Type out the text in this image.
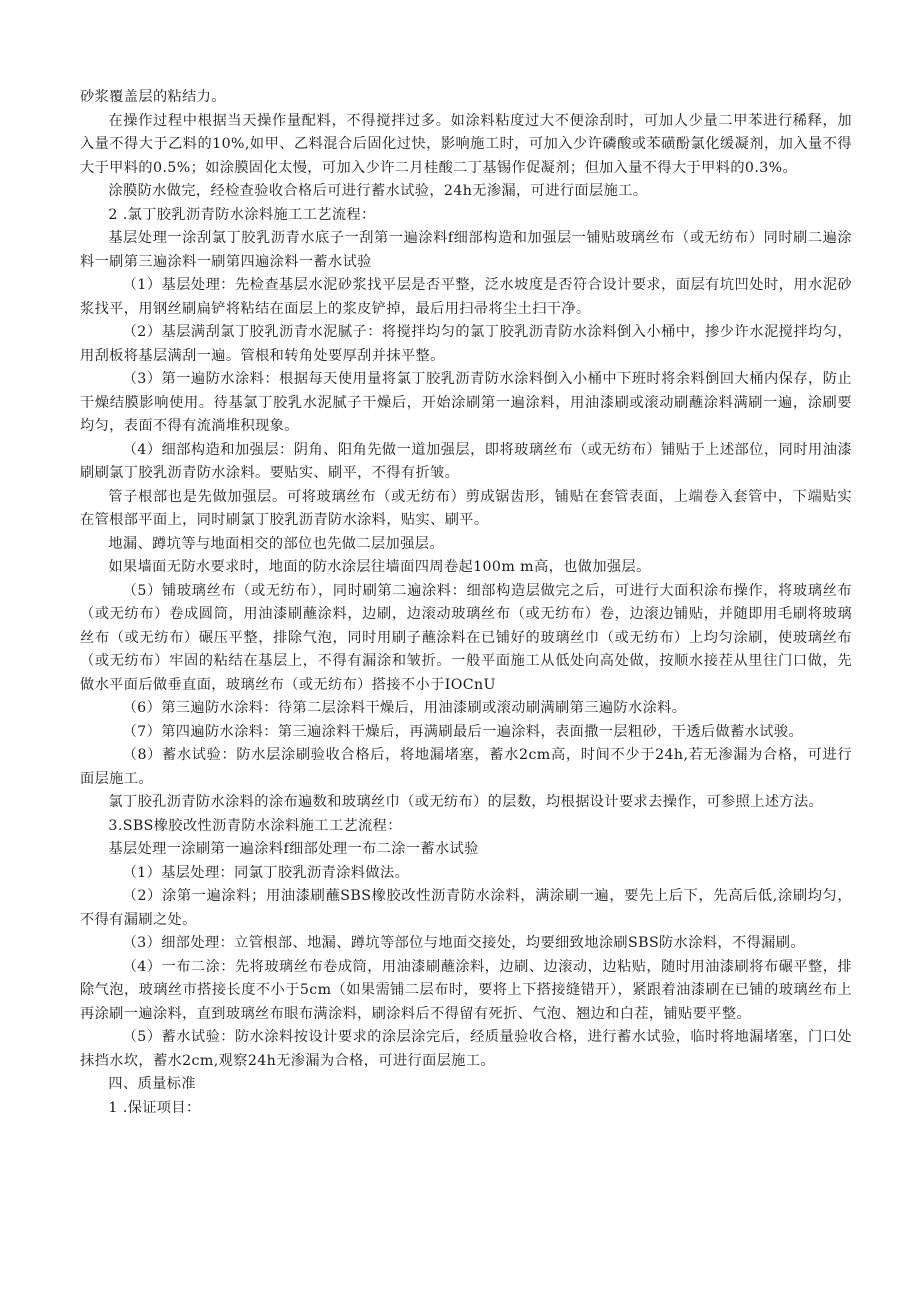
砂浆覆盖层的粘结力。

在操作过程中根据当天操作量配料，不得搅拌过多。如涂料粘度过大不便涂刮时，可加人少量二甲苯进行稀释，加入量不得大于乙料的10%,如甲、乙料混合后固化过快，影响施工时，可加入少许磷酸或苯磺酚氯化缓凝剂，加入量不得大于甲料的0.5%；如涂膜固化太慢，可加入少许二月桂酸二丁基锡作促凝剂；但加入量不得大于甲料的0.3%。

涂膜防水做完，经检查验收合格后可进行蓄水试验，24h无渗漏，可进行面层施工。

2 .氯丁胶乳沥青防水涂料施工工艺流程：

基层处理一涂刮氯丁胶乳沥青水底子一刮第一遍涂料f细部构造和加强层一铺贴玻璃丝布（或无纺布）同时刷二遍涂料一刷第三遍涂料一刷第四遍涂料一蓄水试验

（1）基层处理：先检查基层水泥砂浆找平层是否平整，泛水坡度是否符合设计要求，面层有坑凹处时，用水泥砂浆找平，用钢丝刷扁铲将粘结在面层上的浆皮铲掉，最后用扫帚将尘土扫干净。

（2）基层满刮氯丁胶乳沥青水泥腻子：将搅拌均匀的氯丁胶乳沥青防水涂料倒入小桶中，掺少许水泥搅拌均匀，用刮板将基层满刮一遍。管根和转角处要厚刮并抹平整。

（3）第一遍防水涂料：根据每天使用量将氯丁胶乳沥青防水涂料倒入小桶中下班时将余料倒回大桶内保存，防止干燥结膜影响使用。待基氯丁胶乳水泥腻子干燥后，开始涂刷第一遍涂料，用油漆刷或滚动刷蘸涂料满刷一遍，涂刷要均匀，表面不得有流淌堆积现象。

（4）细部构造和加强层：阴角、阳角先做一道加强层，即将玻璃丝布（或无纺布）铺贴于上述部位，同时用油漆刷刷氯丁胶乳沥青防水涂料。要贴实、刷平，不得有折皱。

管子根部也是先做加强层。可将玻璃丝布（或无纺布）剪成锯齿形，铺贴在套管表面，上端卷入套管中，下端贴实在管根部平面上，同时刷氯丁胶乳沥青防水涂料，贴实、刷平。

地漏、蹲坑等与地面相交的部位也先做二层加强层。

如果墙面无防水要求时，地面的防水涂层往墙面四周卷起100m m高，也做加强层。

（5）铺玻璃丝布（或无纺布），同时刷第二遍涂料：细部构造层做完之后，可进行大面积涂布操作，将玻璃丝布（或无纺布）卷成圆筒，用油漆刷蘸涂料，边刷，边滚动玻璃丝布（或无纺布）卷，边滚边铺贴，并随即用毛刷将玻璃丝布（或无纺布）碾压平整，排除气泡，同时用刷子蘸涂料在已铺好的玻璃丝巾（或无纺布）上均匀涂刷，使玻璃丝布（或无纺布）牢固的粘结在基层上，不得有漏涂和皱折。一般平面施工从低处向高处做，按顺水接茬从里往门口做，先做水平面后做垂直面，玻璃丝布（或无纺布）搭接不小于IOCnU

（6）第三遍防水涂料：待第二层涂料干燥后，用油漆刷或滚动刷满刷第三遍防水涂料。

（7）第四遍防水涂料：第三遍涂料干燥后，再满刷最后一遍涂料，表面撒一层粗砂，干透后做蓄水试骏。

（8）蓄水试验：防水层涂刷验收合格后，将地漏堵塞，蓄水2cm高，时间不少于24h,若无渗漏为合格，可进行面层施工。

氯丁胶孔沥青防水涂料的涂布遍数和玻璃丝巾（或无纺布）的层数，均根据设计要求去操作，可参照上述方法。

3.SBS橡胶改性沥青防水涂料施工工艺流程：

基层处理一涂刷第一遍涂料f细部处理一布二涂一蓄水试验

（1）基层处理：同氯丁胶乳沥青涂料做法。

（2）涂第一遍涂料；用油漆刷蘸SBS橡胶改性沥青防水涂料，满涂刷一遍，要先上后下，先高后低,涂刷均匀，不得有漏刷之处。

（3）细部处理：立管根部、地漏、蹲坑等部位与地面交接处，均要细致地涂刷SBS防水涂料，不得漏刷。

（4）一布二涂：先将玻璃丝布卷成筒，用油漆刷蘸涂料，边刷、边滚动，边粘贴，随时用油漆刷将布碾平整，排除气泡，玻璃丝市搭接长度不小于5cm（如果需铺二层布时，要将上下搭接缝错开），紧跟着油漆刷在已铺的玻璃丝布上再涂刷一遍涂料，直到玻璃丝布眼布满涂料，刷涂料后不得留有死折、气泡、翘边和白茬，铺贴要平整。

（5）蓄水试验：防水涂料按设计要求的涂层涂完后，经质量验收合格，进行蓄水试验，临时将地漏堵塞，门口处抹挡水坎，蓄水2cm,观察24h无渗漏为合格，可进行面层施工。

四、质量标准

1 .保证项目：
